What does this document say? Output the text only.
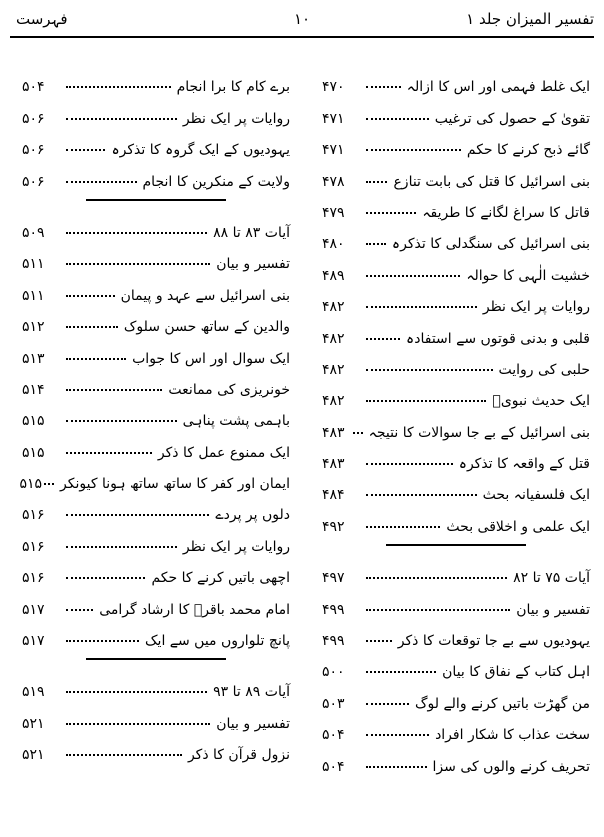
تفسیر المیزان جلد ۱
۱۰
فہرست
ایک غلط فہمی اور اس کا ازالہ
۴۷۰
تقویٰ کے حصول کی ترغیب
۴۷۱
گائے ذبح کرنے کا حکم
۴۷۱
بنی اسرائیل کا قتل کی بابت تنازع
۴۷۸
قاتل کا سراغ لگانے کا طریقہ
۴۷۹
بنی اسرائیل کی سنگدلی کا تذکرہ
۴۸۰
خشیت الٰہی کا حوالہ
۴۸۹
روایات پر ایک نظر
۴۸۲
قلبی و بدنی قوتوں سے استفادہ
۴۸۲
حلبی کی روایت
۴۸۲
ایک حدیث نبویؐ
۴۸۲
بنی اسرائیل کے بے جا سوالات کا نتیجہ
۴۸۳
قتل کے واقعہ کا تذکرہ
۴۸۳
ایک فلسفیانہ بحث
۴۸۴
ایک علمی و اخلاقی بحث
۴۹۲
آیات ۷۵ تا ۸۲
۴۹۷
تفسیر و بیان
۴۹۹
یہودیوں سے بے جا توقعات کا ذکر
۴۹۹
اہل کتاب کے نفاق کا بیان
۵۰۰
من گھڑت باتیں کرنے والے لوگ
۵۰۳
سخت عذاب کا شکار افراد
۵۰۴
تحریف کرنے والوں کی سزا
۵۰۴
برے کام کا برا انجام
۵۰۴
روایات پر ایک نظر
۵۰۶
یہودیوں کے ایک گروہ کا تذکرہ
۵۰۶
ولایت کے منکرین کا انجام
۵۰۶
آیات ۸۳ تا ۸۸
۵۰۹
تفسیر و بیان
۵۱۱
بنی اسرائیل سے عہد و پیمان
۵۱۱
والدین کے ساتھ حسن سلوک
۵۱۲
ایک سوال اور اس کا جواب
۵۱۳
خونریزی کی ممانعت
۵۱۴
باہمی پشت پناہی
۵۱۵
ایک ممنوع عمل کا ذکر
۵۱۵
ایمان اور کفر کا ساتھ ساتھ ہونا کیونکر
۵۱۵
دلوں پر پردے
۵۱۶
روایات پر ایک نظر
۵۱۶
اچھی باتیں کرنے کا حکم
۵۱۶
امام محمد باقرؑ کا ارشاد گرامی
۵۱۷
پانچ تلواروں میں سے ایک
۵۱۷
آیات ۸۹ تا ۹۳
۵۱۹
تفسیر و بیان
۵۲۱
نزول قرآن کا ذکر
۵۲۱
